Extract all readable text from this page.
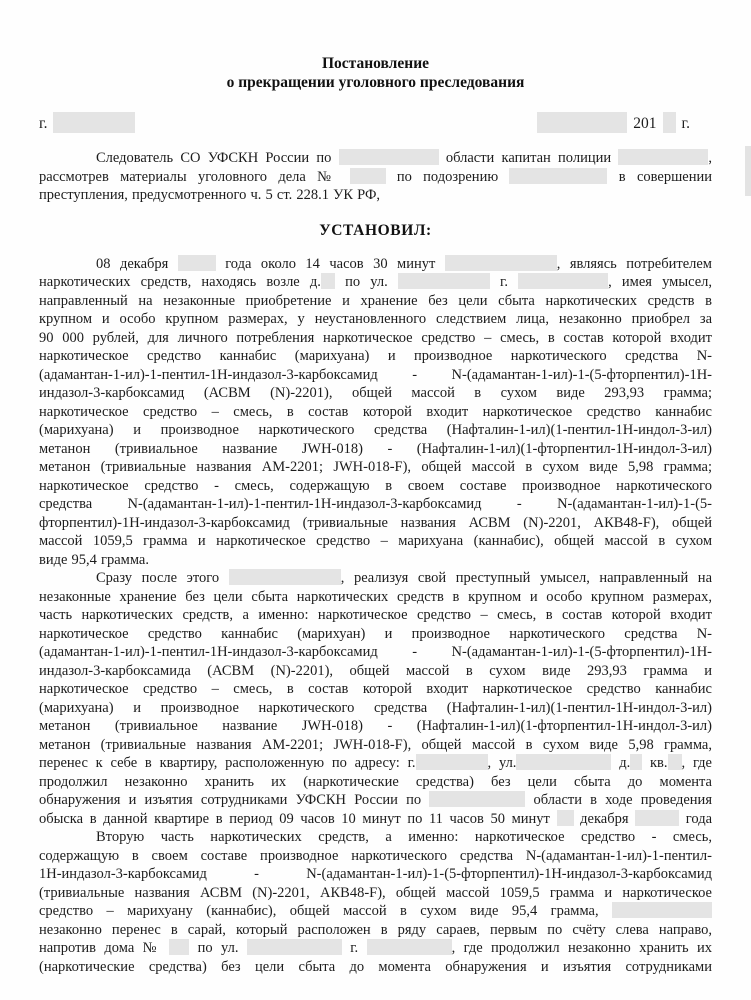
Постановление
о прекращении уголовного преследования
г.	201 г.
Следователь СО УФСКН России по	области капитан полиции	,
рассмотрев материалы уголовного дела №  по подозрению	в совершении
преступления, предусмотренного ч. 5 ст. 228.1 УК РФ,
УСТАНОВИЛ:
08 декабря	года около 14 часов 30 минут	, являясь потребителем
наркотических средств, находясь возле д. по ул.	г.	, имея умысел,
направленный на незаконные приобретение и хранение без цели сбыта наркотических средств в
крупном и особо крупном размерах, у неустановленного следствием лица, незаконно приобрел за
90 000 рублей, для личного потребления наркотическое средство – смесь, в состав которой входит
наркотическое средство каннабис (марихуана) и производное наркотического средства N-
(адамантан-1-ил)-1-пентил-1Н-индазол-3-карбоксамид - N-(адамантан-1-ил)-1-(5-фторпентил)-1Н-
индазол-3-карбоксамид (АСВМ (N)-2201), общей массой в сухом виде 293,93 грамма;
наркотическое средство – смесь, в состав которой входит наркотическое средство каннабис
(марихуана) и производное наркотического средства (Нафталин-1-ил)(1-пентил-1Н-индол-3-ил)
метанон (тривиальное название JWH-018) - (Нафталин-1-ил)(1-фторпентил-1Н-индол-3-ил)
метанон (тривиальные названия АМ-2201; JWH-018-F), общей массой в сухом виде 5,98 грамма;
наркотическое средство - смесь, содержащую в своем составе производное наркотического
средства N-(адамантан-1-ил)-1-пентил-1Н-индазол-3-карбоксамид - N-(адамантан-1-ил)-1-(5-
фторпентил)-1Н-индазол-3-карбоксамид (тривиальные названия АСВМ (N)-2201, АКВ48-F), общей
массой 1059,5 грамма и наркотическое средство – марихуана (каннабис), общей массой в сухом
виде 95,4 грамма.
Сразу после этого	, реализуя свой преступный умысел, направленный на
незаконные хранение без цели сбыта наркотических средств в крупном и особо крупном размерах,
часть наркотических средств, а именно: наркотическое средство – смесь, в состав которой входит
наркотическое средство каннабис (марихуан) и производное наркотического средства N-
(адамантан-1-ил)-1-пентил-1Н-индазол-3-карбоксамид - N-(адамантан-1-ил)-1-(5-фторпентил)-1Н-
индазол-3-карбоксамида (АСВМ (N)-2201), общей массой в сухом виде 293,93 грамма и
наркотическое средство – смесь, в состав которой входит наркотическое средство каннабис
(марихуана) и производное наркотического средства (Нафталин-1-ил)(1-пентил-1Н-индол-3-ил)
метанон (тривиальное название JWH-018) - (Нафталин-1-ил)(1-фторпентил-1Н-индол-3-ил)
метанон (тривиальные названия АМ-2201; JWH-018-F), общей массой в сухом виде 5,98 грамма,
перенес к себе в квартиру, расположенную по адресу: г.	, ул.	д. кв. , где
продолжил незаконно хранить их (наркотические средства) без цели сбыта до момента
обнаружения и изъятия сотрудниками УФСКН России по	области в ходе проведения
обыска в данной квартире в период 09 часов 10 минут по 11 часов 50 минут  декабря	года
Вторую часть наркотических средств, а именно: наркотическое средство - смесь,
содержащую в своем составе производное наркотического средства N-(адамантан-1-ил)-1-пентил-
1Н-индазол-3-карбоксамид - N-(адамантан-1-ил)-1-(5-фторпентил)-1Н-индазол-3-карбоксамид
(тривиальные названия АСВМ (N)-2201, АКВ48-F), общей массой 1059,5 грамма и наркотическое
средство – марихуану (каннабис), общей массой в сухом виде 95,4 грамма,
незаконно перенес в сарай, который расположен в ряду сараев, первым по счёту слева направо,
напротив дома №  по ул.	г.	, где продолжил незаконно хранить их
(наркотические средства) без цели сбыта до момента обнаружения и изъятия сотрудниками
